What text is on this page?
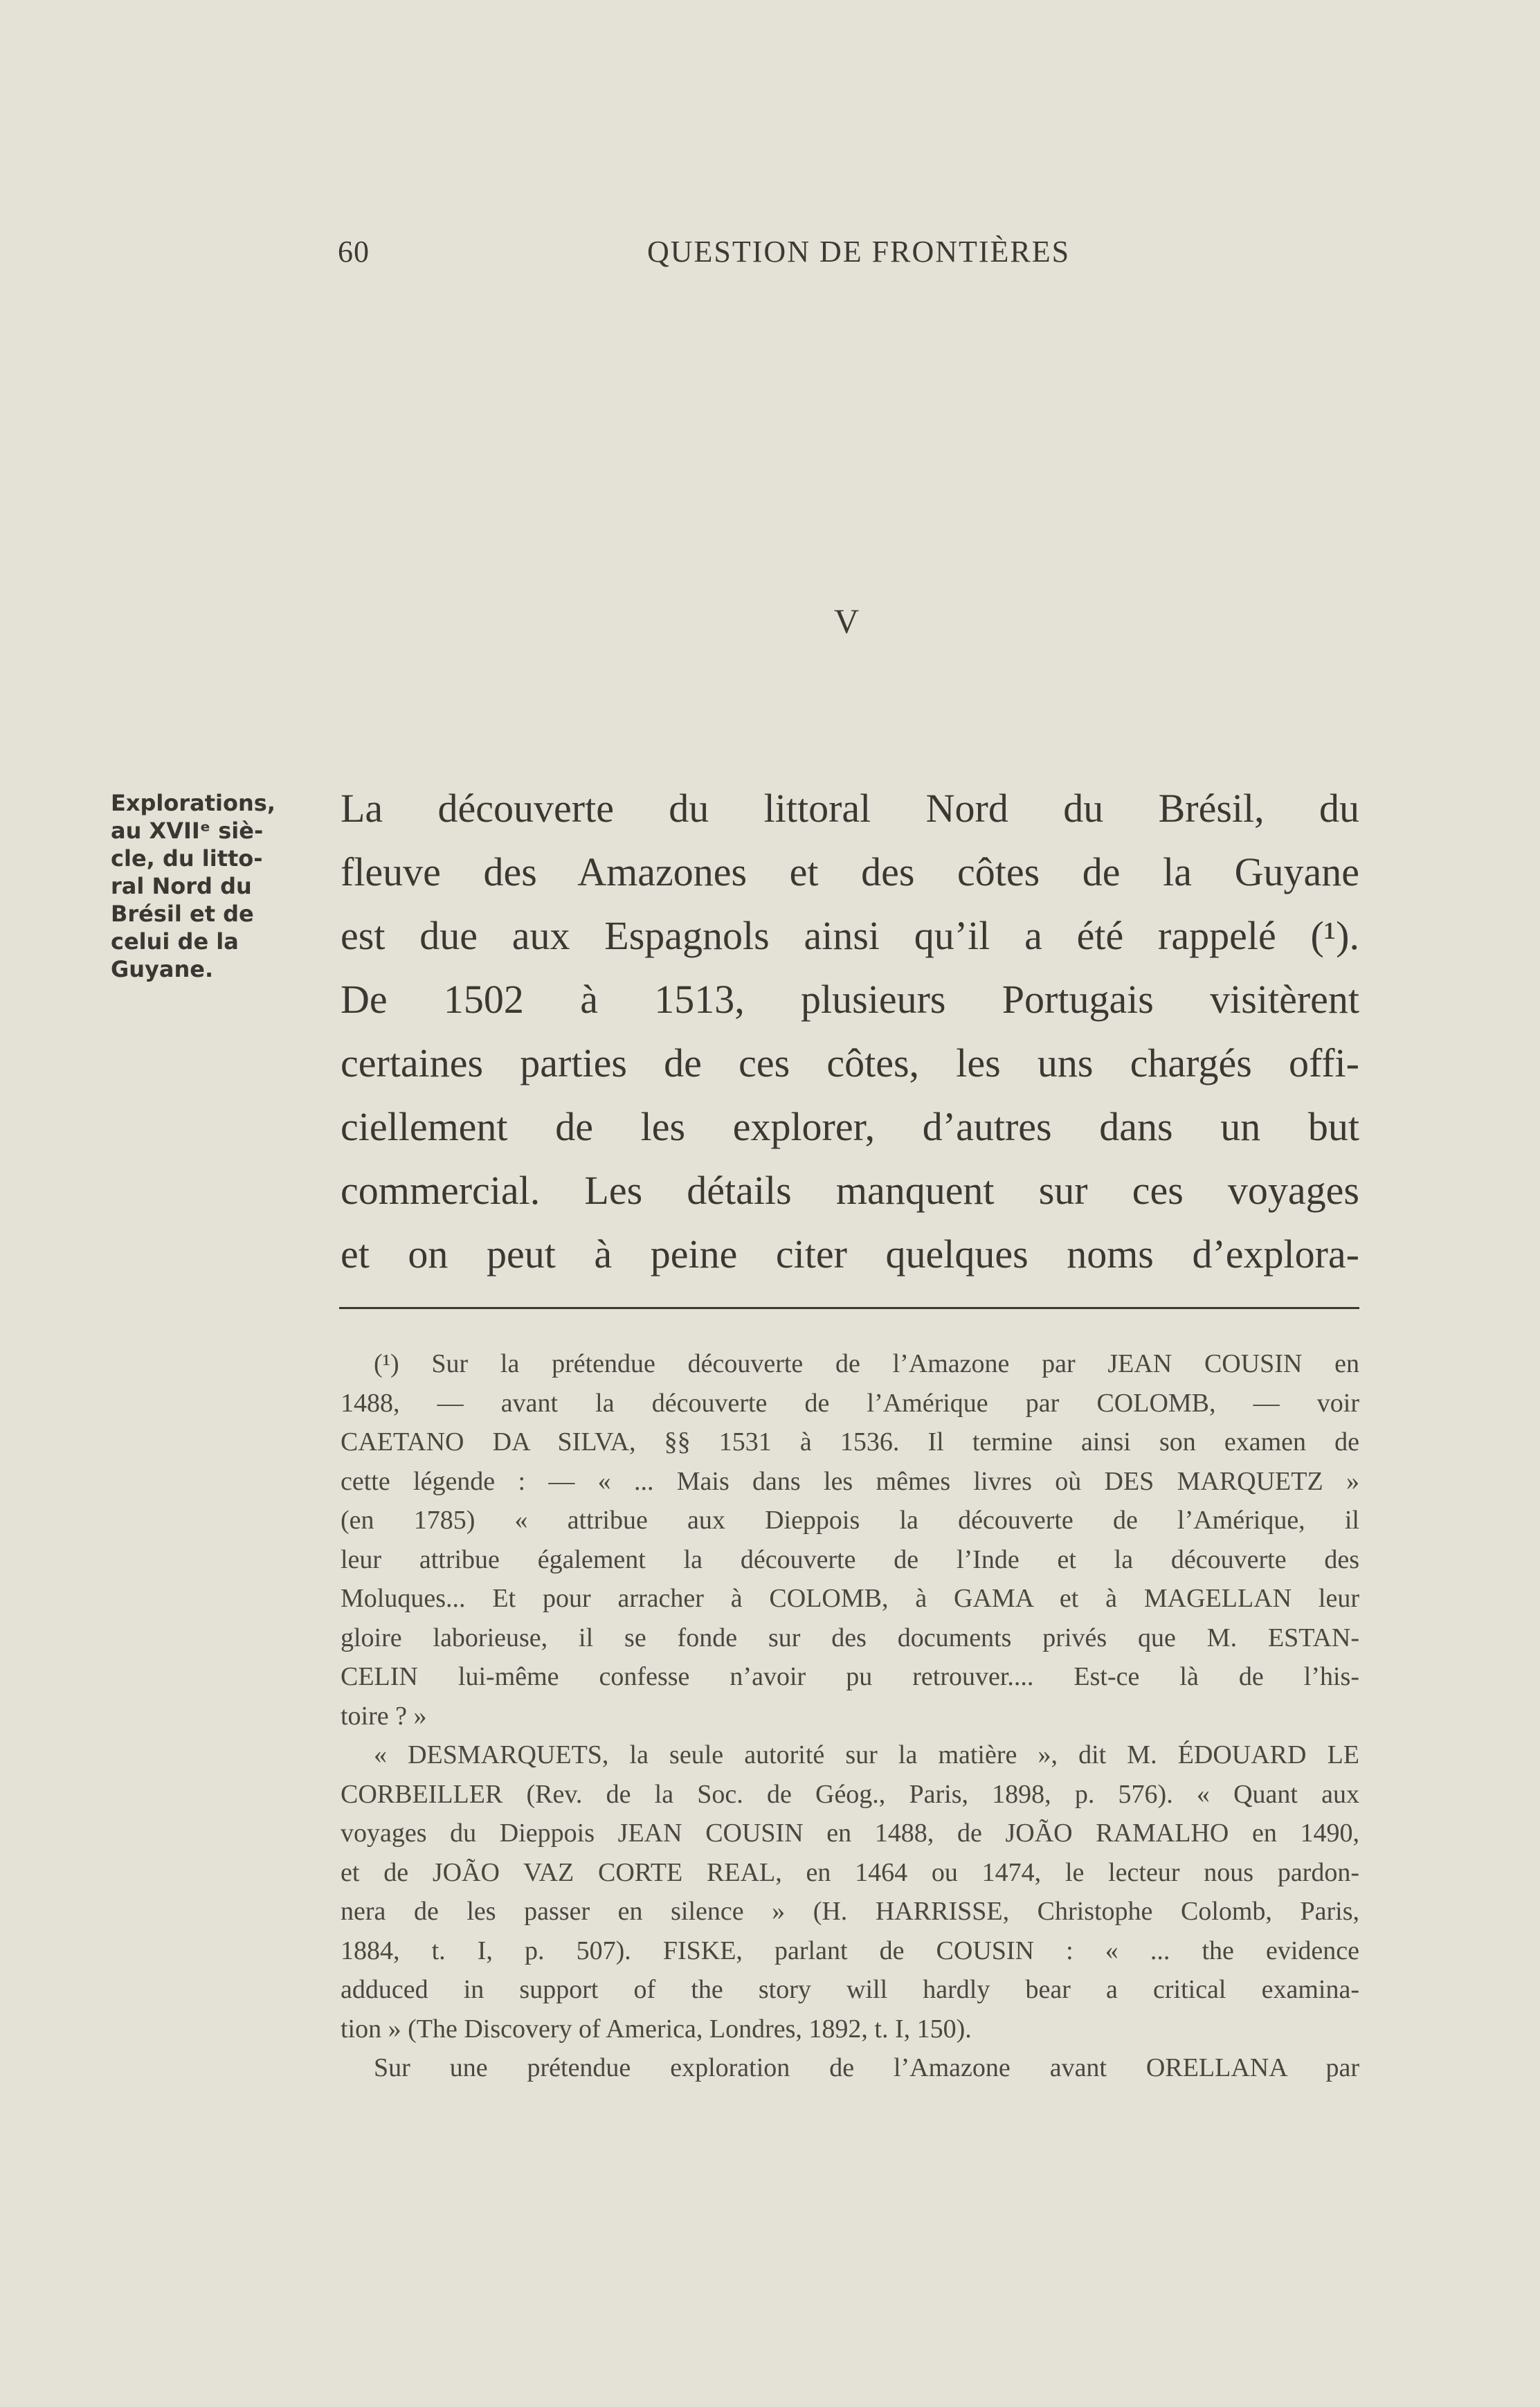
60	QUESTION DE FRONTIÈRES
V
Explorations,
au XVIIᵉ siè-
cle, du litto-
ral Nord du
Brésil et de
celui de la
Guyane.
La découverte du littoral Nord du Brésil, du
fleuve des Amazones et des côtes de la Guyane
est due aux Espagnols ainsi qu’il a été rappelé (¹).
De 1502 à 1513, plusieurs Portugais visitèrent
certaines parties de ces côtes, les uns chargés offi-
ciellement de les explorer, d’autres dans un but
commercial. Les détails manquent sur ces voyages
et on peut à peine citer quelques noms d’explora-
(¹) Sur la prétendue découverte de l’Amazone par JEAN COUSIN en
1488, — avant la découverte de l’Amérique par COLOMB, — voir
CAETANO DA SILVA, §§ 1531 à 1536. Il termine ainsi son examen de
cette légende : — « ... Mais dans les mêmes livres où DES MARQUETZ »
(en 1785) « attribue aux Dieppois la découverte de l’Amérique, il
leur attribue également la découverte de l’Inde et la découverte des
Moluques... Et pour arracher à COLOMB, à GAMA et à MAGELLAN leur
gloire laborieuse, il se fonde sur des documents privés que M. ESTAN-
CELIN lui-même confesse n’avoir pu retrouver.... Est-ce là de l’his-
toire ? »
« DESMARQUETS, la seule autorité sur la matière », dit M. ÉDOUARD LE
CORBEILLER (Rev. de la Soc. de Géog., Paris, 1898, p. 576). « Quant aux
voyages du Dieppois JEAN COUSIN en 1488, de JOÃO RAMALHO en 1490,
et de JOÃO VAZ CORTE REAL, en 1464 ou 1474, le lecteur nous pardon-
nera de les passer en silence » (H. HARRISSE, Christophe Colomb, Paris,
1884, t. I, p. 507). FISKE, parlant de COUSIN : « ... the evidence
adduced in support of the story will hardly bear a critical examina-
tion » (The Discovery of America, Londres, 1892, t. I, 150).
Sur une prétendue exploration de l’Amazone avant ORELLANA par
